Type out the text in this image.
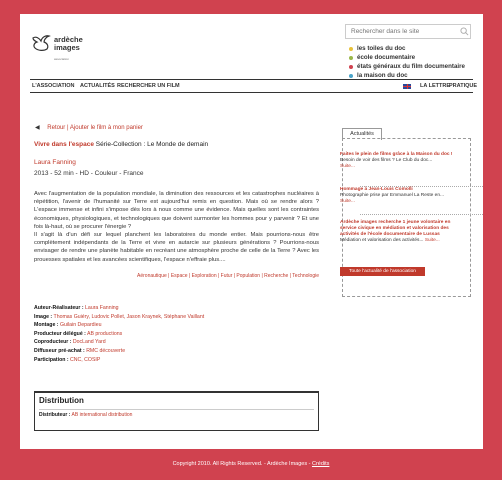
ardèche
images
association
Rechercher dans le site
les toiles du doc
école documentaire
états généraux du film documentaire
la maison du doc
L'ASSOCIATION ACTUALITÉS RECHERCHER UN FILM	LA LETTRE
PRATIQUE
◀ Retour | Ajouter le film à mon panier
Vivre dans l'espace Série-Collection : Le Monde de demain
Laura Fanning
2013 - 52 min - HD - Couleur - France

Avec l'augmentation de la population mondiale, la diminution des ressources et les catastrophes nucléaires à répétition, l'avenir de l'humanité sur Terre est aujourd'hui remis en question. Mais où se rendre alors ? L'espace immense et infini s'impose dès lors à nous comme une évidence. Mais quelles sont les contraintes économiques, physiologiques, et technologiques que doivent surmonter les hommes pour y parvenir ? Et une fois là-haut, où se procurer l'énergie ?

Il s'agit là d'un défi sur lequel planchent les laboratoires du monde entier. Mais pourrions-nous être complètement indépendants de la Terre et vivre en autarcie sur plusieurs générations ? Pourrions-nous envisager de rendre une planète habitable en recréant une atmosphère proche de celle de la Terre ? Avec les prouesses spatiales et les avancées scientifiques, l'espace n'effraie plus....

Aéronautique | Espace | Exploration | Futur | Population | Recherche | Technologie
Auteur-Réalisateur : Laura Fanning
Image : Thomas Guiéry, Ludovic Pollet, Jason Kraynek, Stéphane Vaillant
Montage : Guilain Depardieu
Producteur délégué : AB productions
Coproducteur : DocLand Yard
Diffuseur pré-achat : RMC découverte
Participation : CNC, COSIP
Distribution
Distributeur : AB international distribution
Actualités
Faites le plein de films grâce à la Maison du doc !
Besoin de voir des films ? Le Club du doc...
Suite...
Hommage à Jean-Louis Comolli
Photographie prise par Emmanuel La Reste en...
Suite...
Ardèche images recherche 1 jeune volontaire en service civique en médiation et valorisation des activités de l'école documentaire de Lussas
Médiation et valorisation des activités... Suite...
Toute l'actualité de l'association
Copyright 2010. All Rights Reserved. - Ardèche Images - Crédits
